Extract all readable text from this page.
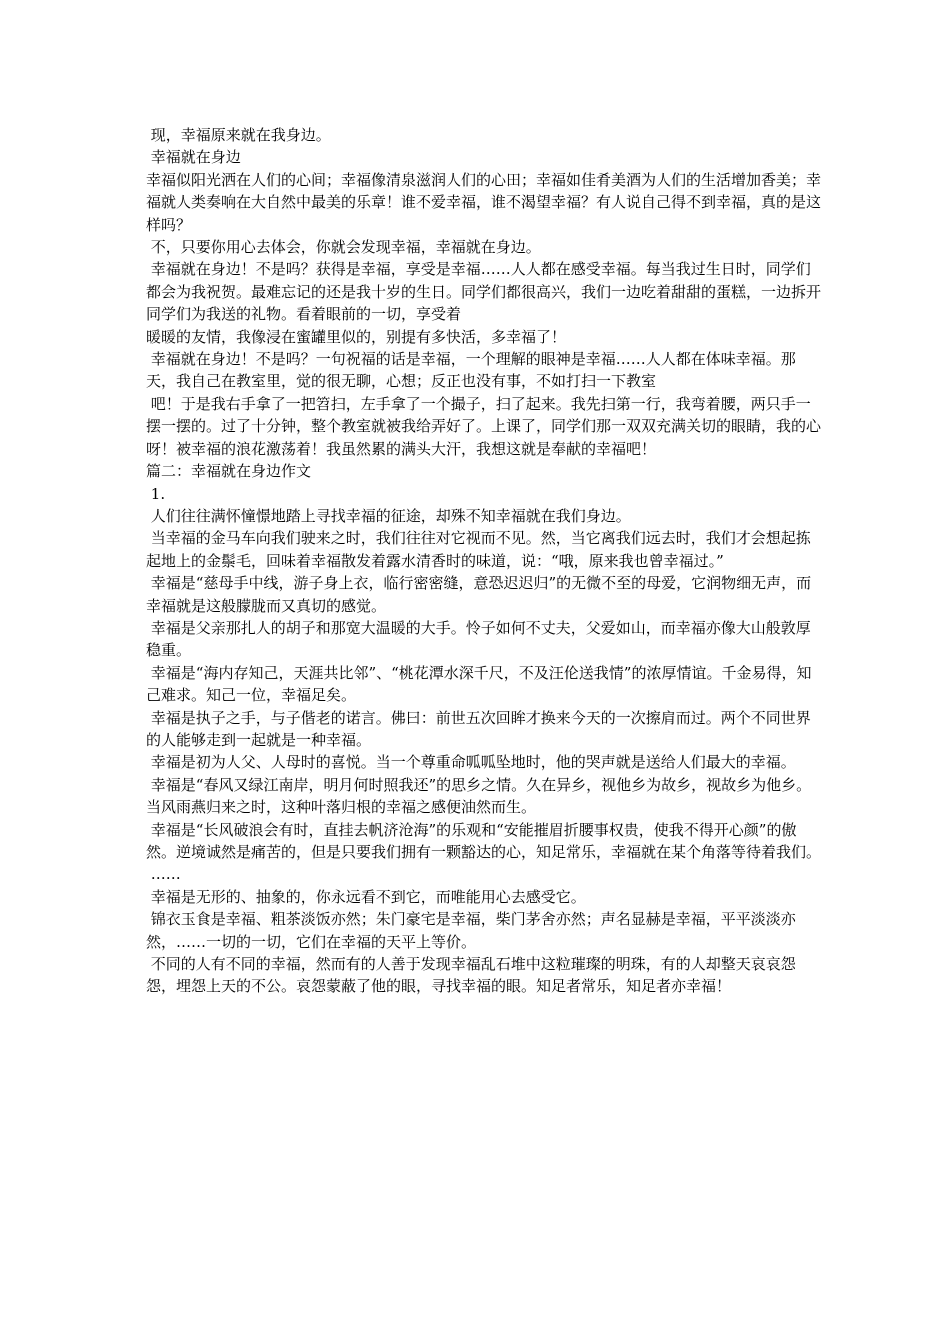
现，幸福原来就在我身边。

幸福就在身边

幸福似阳光洒在人们的心间；幸福像清泉滋润人们的心田；幸福如佳肴美酒为人们的生活增加香美；幸福就人类奏响在大自然中最美的乐章！谁不爱幸福，谁不渴望幸福？有人说自己得不到幸福，真的是这样吗？

不，只要你用心去体会，你就会发现幸福，幸福就在身边。

幸福就在身边！不是吗？获得是幸福，享受是幸福……人人都在感受幸福。每当我过生日时，同学们都会为我祝贺。最难忘记的还是我十岁的生日。同学们都很高兴，我们一边吃着甜甜的蛋糕，一边拆开同学们为我送的礼物。看着眼前的一切，享受着

暖暖的友情，我像浸在蜜罐里似的，别提有多快活，多幸福了！

幸福就在身边！不是吗？一句祝福的话是幸福，一个理解的眼神是幸福……人人都在体味幸福。那天，我自己在教室里，觉的很无聊，心想；反正也没有事，不如打扫一下教室

吧！于是我右手拿了一把笤扫，左手拿了一个撮子，扫了起来。我先扫第一行，我弯着腰，两只手一摆一摆的。过了十分钟，整个教室就被我给弄好了。上课了，同学们那一双双充满关切的眼睛，我的心呀！被幸福的浪花激荡着！我虽然累的满头大汗，我想这就是奉献的幸福吧！

篇二：幸福就在身边作文

1.

人们往往满怀憧憬地踏上寻找幸福的征途，却殊不知幸福就在我们身边。

当幸福的金马车向我们驶来之时，我们往往对它视而不见。然，当它离我们远去时，我们才会想起拣起地上的金鬃毛，回味着幸福散发着露水清香时的味道，说：“哦，原来我也曾幸福过。”

幸福是“慈母手中线，游子身上衣，临行密密缝，意恐迟迟归”的无微不至的母爱，它润物细无声，而幸福就是这般朦胧而又真切的感觉。

幸福是父亲那扎人的胡子和那宽大温暖的大手。怜子如何不丈夫，父爱如山，而幸福亦像大山般敦厚稳重。

幸福是“海内存知己，天涯共比邻”、“桃花潭水深千尺，不及汪伦送我情”的浓厚情谊。千金易得，知己难求。知己一位，幸福足矣。

幸福是执子之手，与子偕老的诺言。佛曰：前世五次回眸才换来今天的一次擦肩而过。两个不同世界的人能够走到一起就是一种幸福。

幸福是初为人父、人母时的喜悦。当一个尊重命呱呱坠地时，他的哭声就是送给人们最大的幸福。

幸福是“春风又绿江南岸，明月何时照我还”的思乡之情。久在异乡，视他乡为故乡，视故乡为他乡。当风雨燕归来之时，这种叶落归根的幸福之感便油然而生。

幸福是“长风破浪会有时，直挂去帆济沧海”的乐观和“安能摧眉折腰事权贵，使我不得开心颜”的傲然。逆境诚然是痛苦的，但是只要我们拥有一颗豁达的心，知足常乐，幸福就在某个角落等待着我们。

……

幸福是无形的、抽象的，你永远看不到它，而唯能用心去感受它。

锦衣玉食是幸福、粗茶淡饭亦然；朱门豪宅是幸福，柴门茅舍亦然；声名显赫是幸福，平平淡淡亦然，……一切的一切，它们在幸福的天平上等价。

不同的人有不同的幸福，然而有的人善于发现幸福乱石堆中这粒璀璨的明珠，有的人却整天哀哀怨怨，埋怨上天的不公。哀怨蒙蔽了他的眼，寻找幸福的眼。知足者常乐，知足者亦幸福！
